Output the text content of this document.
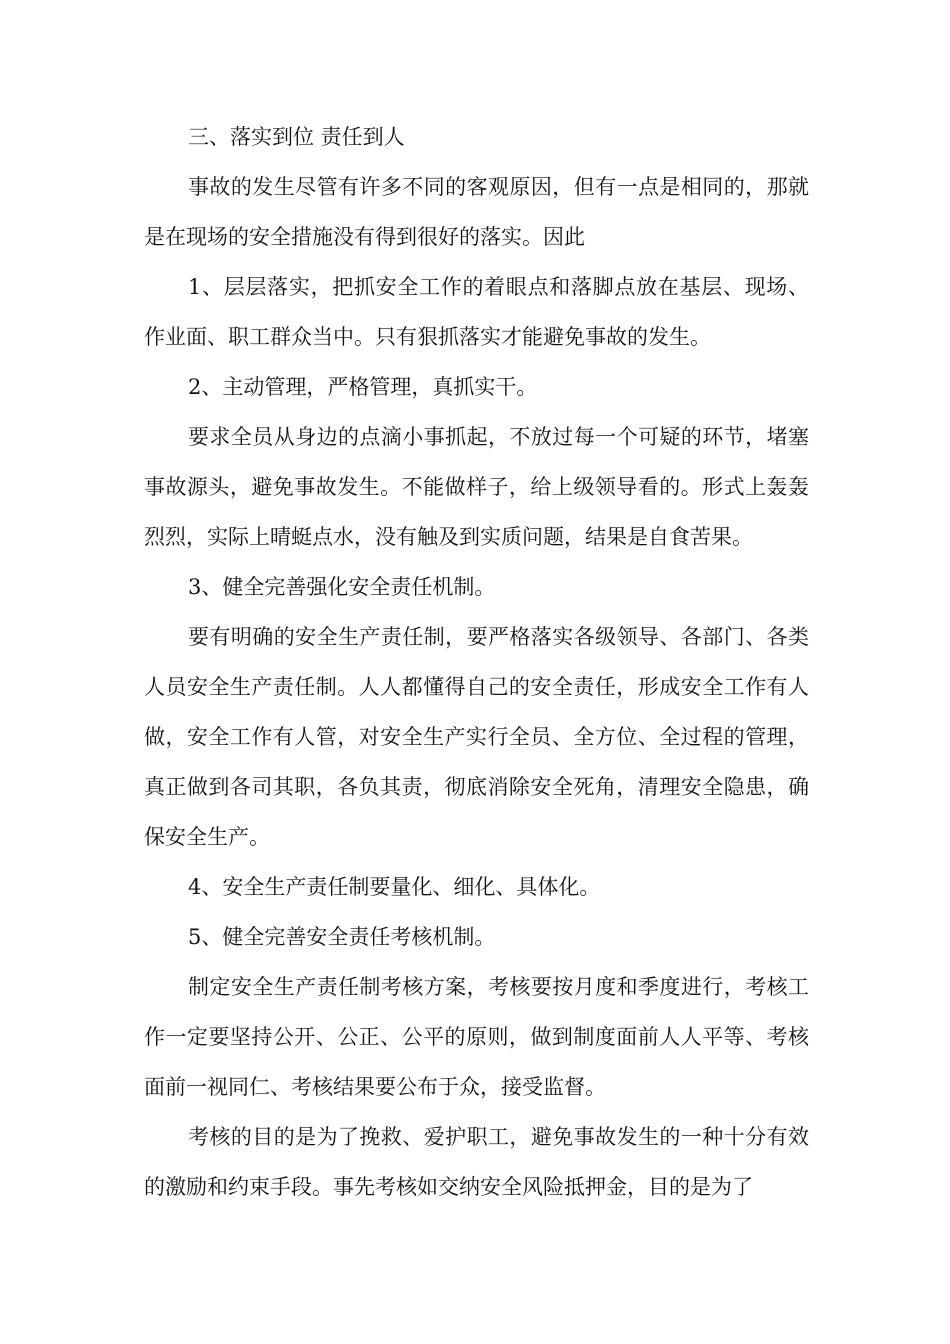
三、落实到位 责任到人

事故的发生尽管有许多不同的客观原因，但有一点是相同的，那就是在现场的安全措施没有得到很好的落实。因此

1、层层落实，把抓安全工作的着眼点和落脚点放在基层、现场、作业面、职工群众当中。只有狠抓落实才能避免事故的发生。

2、主动管理，严格管理，真抓实干。

要求全员从身边的点滴小事抓起，不放过每一个可疑的环节，堵塞事故源头，避免事故发生。不能做样子，给上级领导看的。形式上轰轰烈烈，实际上晴蜓点水，没有触及到实质问题，结果是自食苦果。

3、健全完善强化安全责任机制。

要有明确的安全生产责任制，要严格落实各级领导、各部门、各类人员安全生产责任制。人人都懂得自己的安全责任，形成安全工作有人做，安全工作有人管，对安全生产实行全员、全方位、全过程的管理，真正做到各司其职，各负其责，彻底消除安全死角，清理安全隐患，确保安全生产。

4、安全生产责任制要量化、细化、具体化。

5、健全完善安全责任考核机制。

制定安全生产责任制考核方案，考核要按月度和季度进行，考核工作一定要坚持公开、公正、公平的原则，做到制度面前人人平等、考核面前一视同仁、考核结果要公布于众，接受监督。

考核的目的是为了挽救、爱护职工，避免事故发生的一种十分有效的激励和约束手段。事先考核如交纳安全风险抵押金，目的是为了
